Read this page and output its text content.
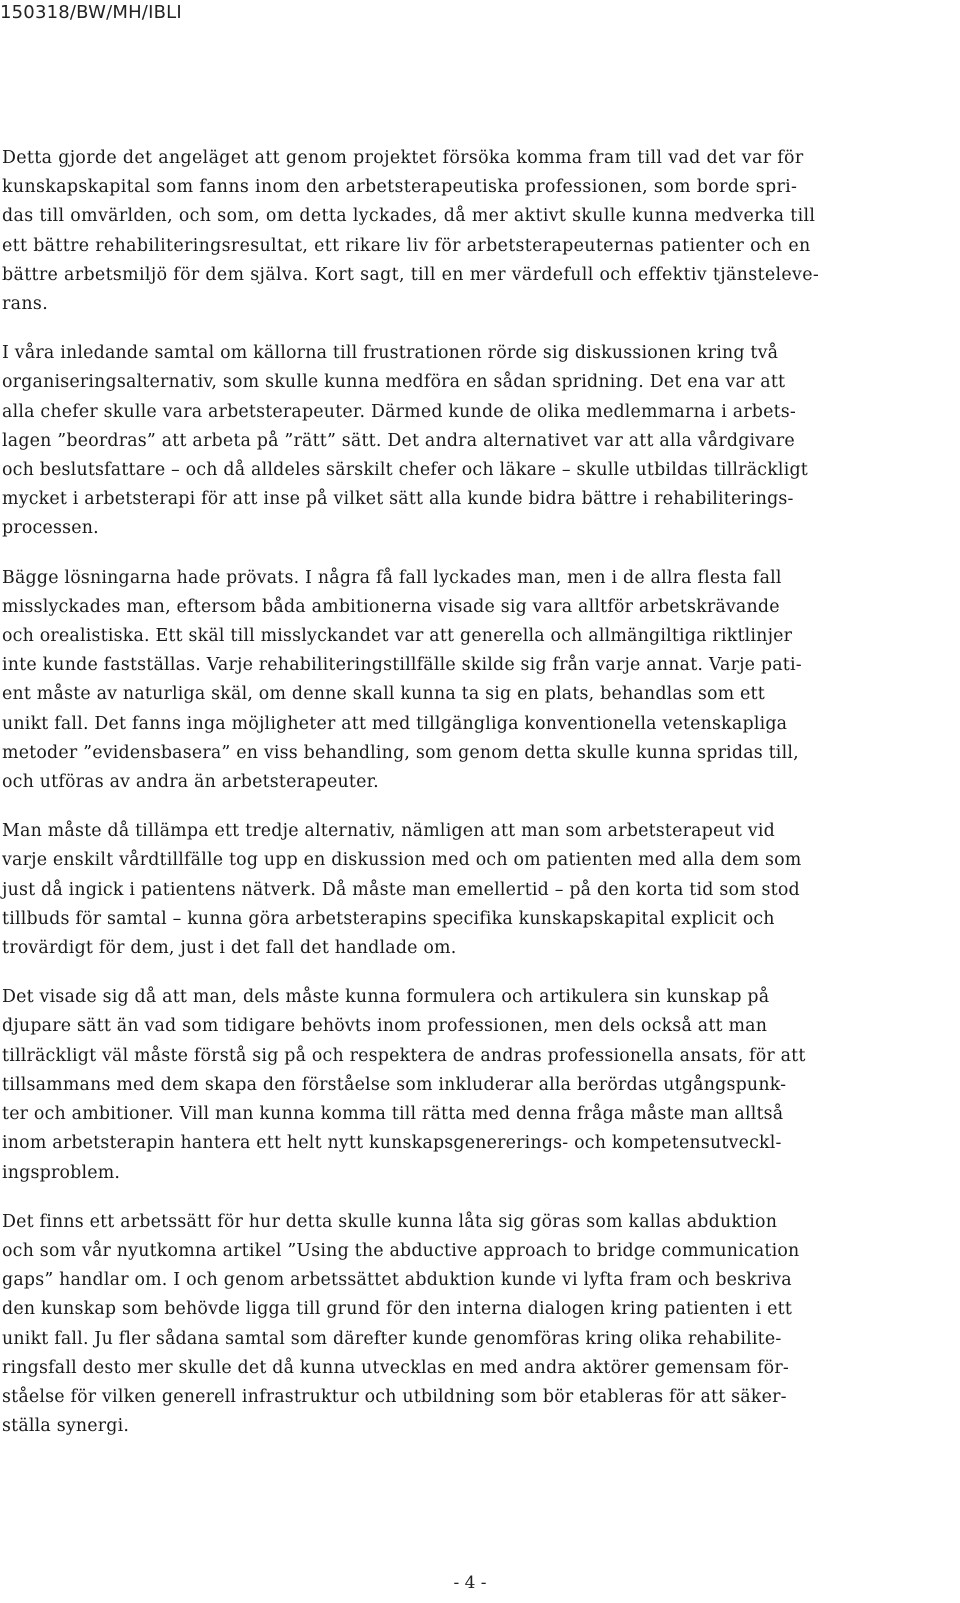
150318/BW/MH/IBLI

Detta gjorde det angeläget att genom projektet försöka komma fram till vad det var för
kunskapskapital som fanns inom den arbetsterapeutiska professionen, som borde spri-
das till omvärlden, och som, om detta lyckades, då mer aktivt skulle kunna medverka till
ett bättre rehabiliteringsresultat, ett rikare liv för arbetsterapeuternas patienter och en
bättre arbetsmiljö för dem själva. Kort sagt, till en mer värdefull och effektiv tjänsteleve-
rans.

I våra inledande samtal om källorna till frustrationen rörde sig diskussionen kring två
organiseringsalternativ, som skulle kunna medföra en sådan spridning. Det ena var att
alla chefer skulle vara arbetsterapeuter. Därmed kunde de olika medlemmarna i arbets-
lagen ”beordras” att arbeta på ”rätt” sätt. Det andra alternativet var att alla vårdgivare
och beslutsfattare – och då alldeles särskilt chefer och läkare – skulle utbildas tillräckligt
mycket i arbetsterapi för att inse på vilket sätt alla kunde bidra bättre i rehabiliterings-
processen.

Bägge lösningarna hade prövats. I några få fall lyckades man, men i de allra flesta fall
misslyckades man, eftersom båda ambitionerna visade sig vara alltför arbetskrävande
och orealistiska. Ett skäl till misslyckandet var att generella och allmängiltiga riktlinjer
inte kunde fastställas. Varje rehabiliteringstillfälle skilde sig från varje annat. Varje pati-
ent måste av naturliga skäl, om denne skall kunna ta sig en plats, behandlas som ett
unikt fall. Det fanns inga möjligheter att med tillgängliga konventionella vetenskapliga
metoder ”evidensbasera” en viss behandling, som genom detta skulle kunna spridas till,
och utföras av andra än arbetsterapeuter.

Man måste då tillämpa ett tredje alternativ, nämligen att man som arbetsterapeut vid
varje enskilt vårdtillfälle tog upp en diskussion med och om patienten med alla dem som
just då ingick i patientens nätverk. Då måste man emellertid – på den korta tid som stod
tillbuds för samtal – kunna göra arbetsterapins specifika kunskapskapital explicit och
trovärdigt för dem, just i det fall det handlade om.

Det visade sig då att man, dels måste kunna formulera och artikulera sin kunskap på
djupare sätt än vad som tidigare behövts inom professionen, men dels också att man
tillräckligt väl måste förstå sig på och respektera de andras professionella ansats, för att
tillsammans med dem skapa den förståelse som inkluderar alla berördas utgångspunk-
ter och ambitioner. Vill man kunna komma till rätta med denna fråga måste man alltså
inom arbetsterapin hantera ett helt nytt kunskapsgenererings- och kompetensutveckl-
ingsproblem.

Det finns ett arbetssätt för hur detta skulle kunna låta sig göras som kallas abduktion
och som vår nyutkomna artikel ”Using the abductive approach to bridge communication
gaps” handlar om. I och genom arbetssättet abduktion kunde vi lyfta fram och beskriva
den kunskap som behövde ligga till grund för den interna dialogen kring patienten i ett
unikt fall. Ju fler sådana samtal som därefter kunde genomföras kring olika rehabilite-
ringsfall desto mer skulle det då kunna utvecklas en med andra aktörer gemensam för-
ståelse för vilken generell infrastruktur och utbildning som bör etableras för att säker-
ställa synergi.

- 4 -
